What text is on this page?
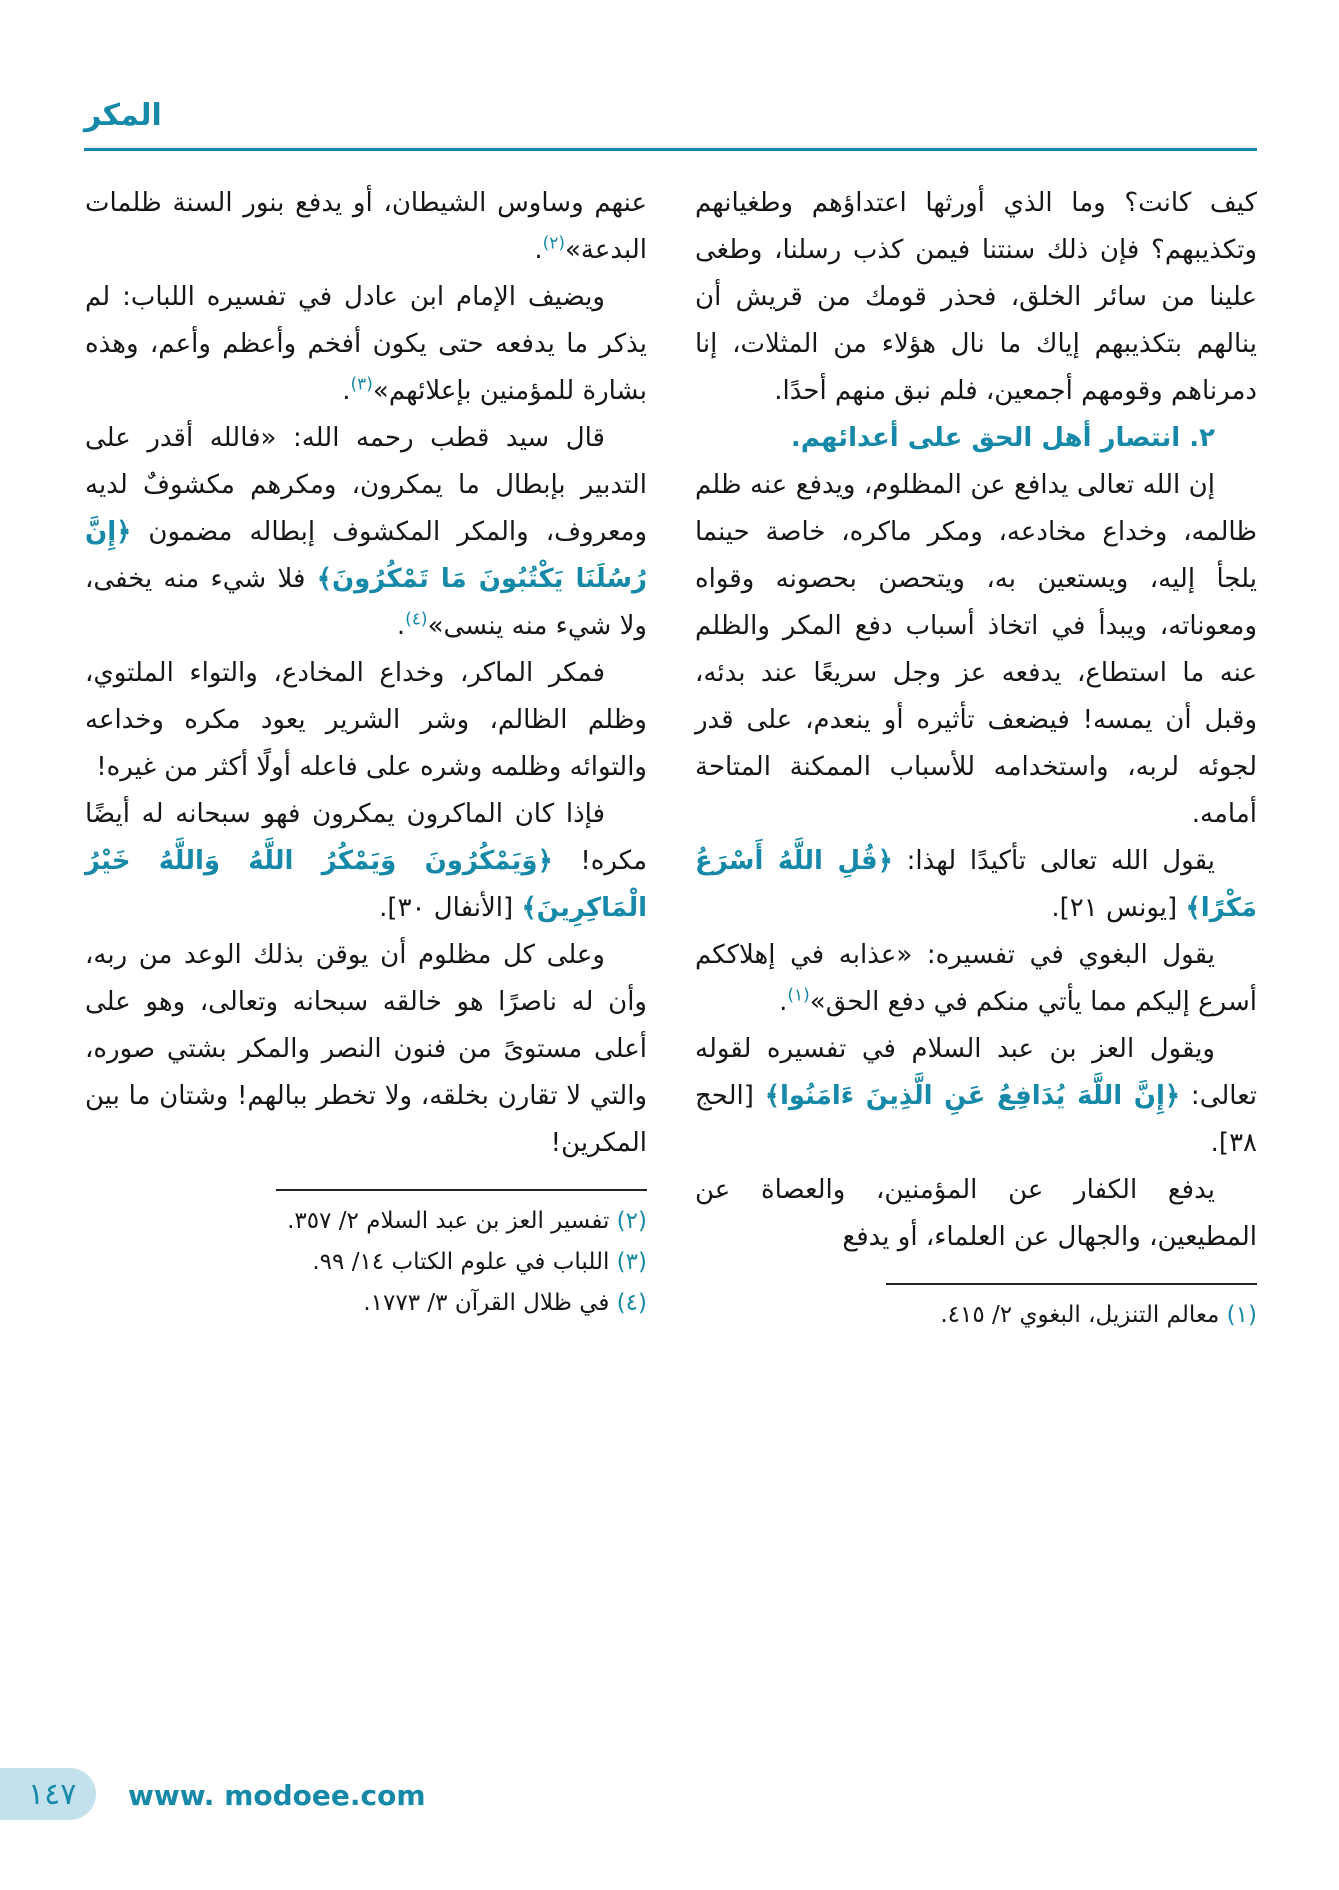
المكر

كيف كانت؟ وما الذي أورثها اعتداؤهم وطغيانهم وتكذيبهم؟ فإن ذلك سنتنا فيمن كذب رسلنا، وطغى علينا من سائر الخلق، فحذر قومك من قريش أن ينالهم بتكذيبهم إياك ما نال هؤلاء من المثلات، إنا دمرناهم وقومهم أجمعين، فلم نبق منهم أحدًا.

٢. انتصار أهل الحق على أعدائهم.

إن الله تعالى يدافع عن المظلوم، ويدفع عنه ظلم ظالمه، وخداع مخادعه، ومكر ماكره، خاصة حينما يلجأ إليه، ويستعين به، ويتحصن بحصونه وقواه ومعوناته، ويبدأ في اتخاذ أسباب دفع المكر والظلم عنه ما استطاع، يدفعه عز وجل سريعًا عند بدئه، وقبل أن يمسه! فيضعف تأثيره أو ينعدم، على قدر لجوئه لربه، واستخدامه للأسباب الممكنة المتاحة أمامه.

يقول الله تعالى تأكيدًا لهذا: ﴿قُلِ اللَّهُ أَسْرَعُ مَكْرًا﴾ [يونس ٢١].

يقول البغوي في تفسيره: «عذابه في إهلاككم أسرع إليكم مما يأتي منكم في دفع الحق»$^{(١)}$.

ويقول العز بن عبد السلام في تفسيره لقوله تعالى: ﴿إِنَّ اللَّهَ يُدَافِعُ عَنِ الَّذِينَ ءَامَنُوا﴾ [الحج ٣٨].

يدفع الكفار عن المؤمنين، والعصاة عن المطيعين، والجهال عن العلماء، أو يدفع

(١) معالم التنزيل، البغوي ٢/ ٤١٥.

عنهم وساوس الشيطان، أو يدفع بنور السنة ظلمات البدعة»$^{(٢)}$.

ويضيف الإمام ابن عادل في تفسيره اللباب: لم يذكر ما يدفعه حتى يكون أفخم وأعظم وأعم، وهذه بشارة للمؤمنين بإعلائهم»$^{(٣)}$.

قال سيد قطب رحمه الله: «فالله أقدر على التدبير بإبطال ما يمكرون، ومكرهم مكشوفٌ لديه ومعروف، والمكر المكشوف إبطاله مضمون ﴿إِنَّ رُسُلَنَا يَكْتُبُونَ مَا تَمْكُرُونَ﴾ فلا شيء منه يخفى، ولا شيء منه ينسى»$^{(٤)}$.

فمكر الماكر، وخداع المخادع، والتواء الملتوي، وظلم الظالم، وشر الشرير يعود مكره وخداعه والتوائه وظلمه وشره على فاعله أولًا أكثر من غيره!

فإذا كان الماكرون يمكرون فهو سبحانه له أيضًا مكره! ﴿وَيَمْكُرُونَ وَيَمْكُرُ اللَّهُ وَاللَّهُ خَيْرُ الْمَاكِرِينَ﴾ [الأنفال ٣٠].

وعلى كل مظلوم أن يوقن بذلك الوعد من ربه، وأن له ناصرًا هو خالقه سبحانه وتعالى، وهو على أعلى مستوىً من فنون النصر والمكر بشتي صوره، والتي لا تقارن بخلقه، ولا تخطر ببالهم! وشتان ما بين المكرين!

(٢) تفسير العز بن عبد السلام ٢/ ٣٥٧.
(٣) اللباب في علوم الكتاب ١٤/ ٩٩.
(٤) في ظلال القرآن ٣/ ١٧٧٣.
١٤٧ www. modoee.com
